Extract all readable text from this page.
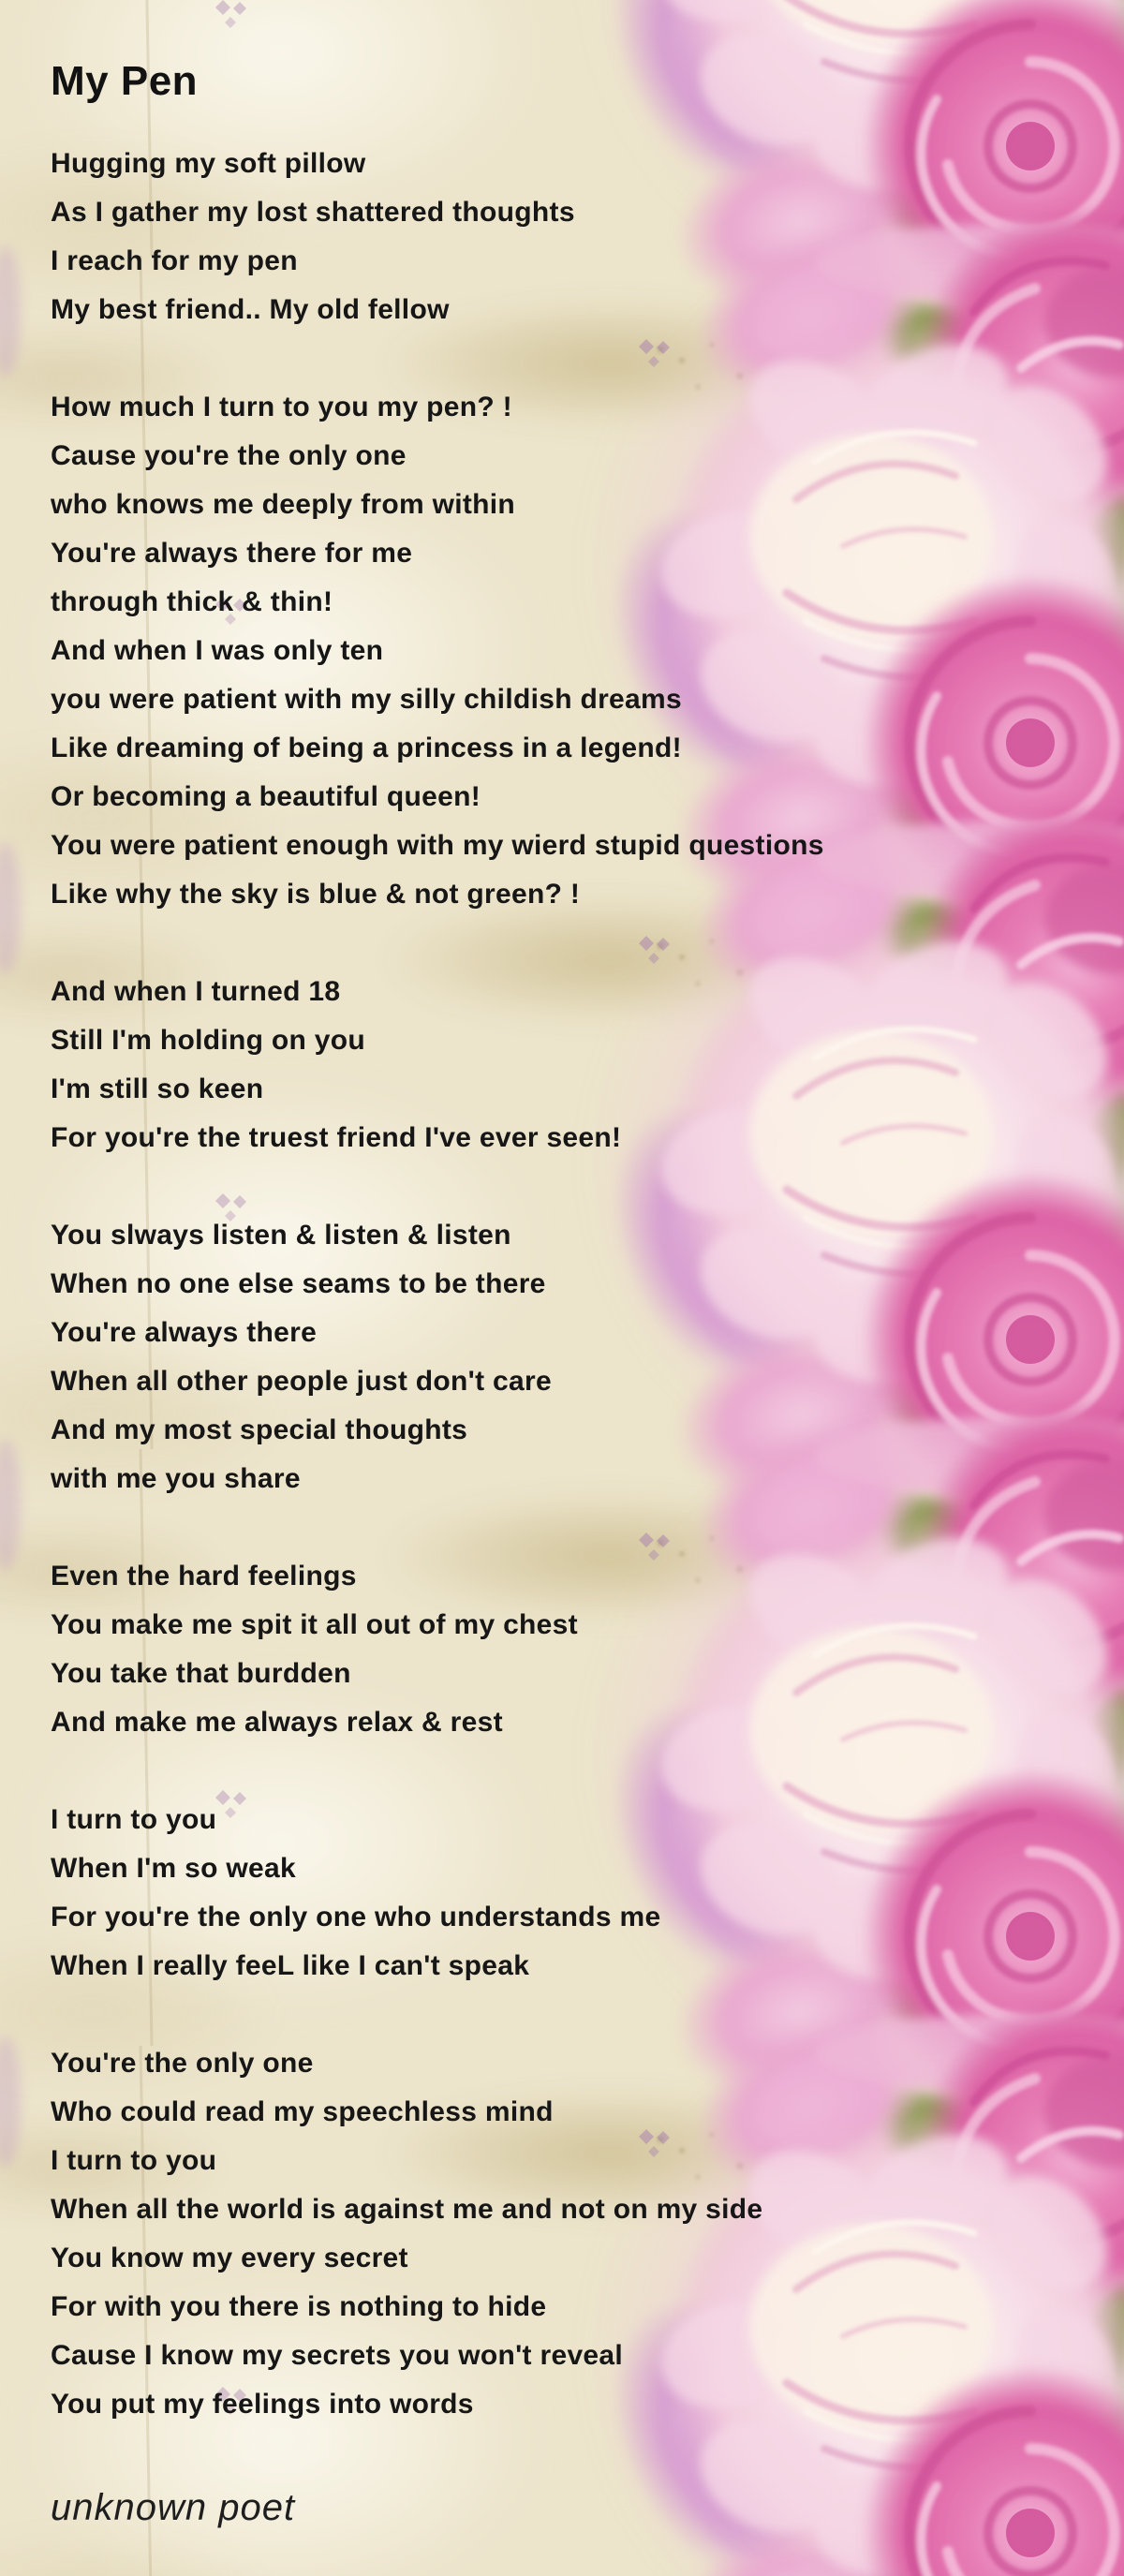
My Pen
Hugging my soft pillow
As I gather my lost shattered thoughts
I reach for my pen
My best friend.. My old fellow
How much I turn to you my pen? !
Cause you're the only one
who knows me deeply from within
You're always there for me
through thick & thin!
And when I was only ten
you were patient with my silly childish dreams
Like dreaming of being a princess in a legend!
Or becoming a beautiful queen!
You were patient enough with my wierd stupid questions
Like why the sky is blue & not green? !
And when I turned 18
Still I'm holding on you
I'm still so keen
For you're the truest friend I've ever seen!
You slways listen & listen & listen
When no one else seams to be there
You're always there
When all other people just don't care
And my most special thoughts
with me you share
Even the hard feelings
You make me spit it all out of my chest
You take that burdden
And make me always relax & rest
I turn to you
When I'm so weak
For you're the only one who understands me
When I really feeL like I can't speak
You're the only one
Who could read my speechless mind
I turn to you
When all the world is against me and not on my side
You know my every secret
For with you there is nothing to hide
Cause I know my secrets you won't reveal
You put my feelings into words
unknown poet
